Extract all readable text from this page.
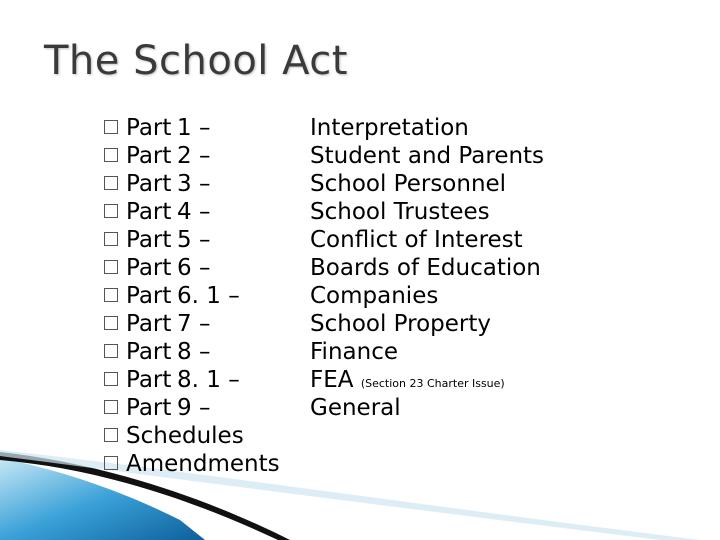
The School Act
Part 1 –
Part 2 –
Part 3 –
Part 4 –
Part 5 –
Part 6 –
Part 6. 1 –
Part 7 –
Part 8 –
Part 8. 1 –
Part 9 –
Schedules
Amendments
Interpretation
Student and Parents
School Personnel
School Trustees
Conflict of Interest
Boards of Education
Companies
School Property
Finance
FEA (Section 23 Charter Issue)
General
